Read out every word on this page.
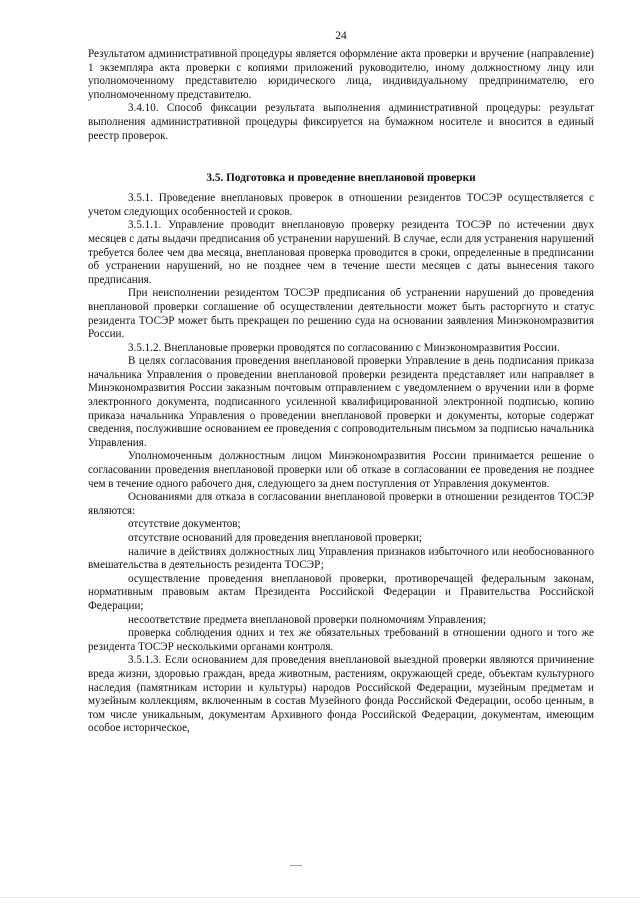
24

Результатом административной процедуры является оформление акта проверки и вручение (направление) 1 экземпляра акта проверки с копиями приложений руководителю, иному должностному лицу или уполномоченному представителю юридического лица, индивидуальному предпринимателю, его уполномоченному представителю.

3.4.10. Способ фиксации результата выполнения административной процедуры: результат выполнения административной процедуры фиксируется на бумажном носителе и вносится в единый реестр проверок.

3.5. Подготовка и проведение внеплановой проверки

3.5.1. Проведение внеплановых проверок в отношении резидентов ТОСЭР осуществляется с учетом следующих особенностей и сроков.

3.5.1.1. Управление проводит внеплановую проверку резидента ТОСЭР по истечении двух месяцев с даты выдачи предписания об устранении нарушений. В случае, если для устранения нарушений требуется более чем два месяца, внеплановая проверка проводится в сроки, определенные в предписании об устранении нарушений, но не позднее чем в течение шести месяцев с даты вынесения такого предписания.

При неисполнении резидентом ТОСЭР предписания об устранении нарушений до проведения внеплановой проверки соглашение об осуществлении деятельности может быть расторгнуто и статус резидента ТОСЭР может быть прекращен по решению суда на основании заявления Минэкономразвития России.

3.5.1.2. Внеплановые проверки проводятся по согласованию с Минэкономразвития России.

В целях согласования проведения внеплановой проверки Управление в день подписания приказа начальника Управления о проведении внеплановой проверки резидента представляет или направляет в Минэкономразвития России заказным почтовым отправлением с уведомлением о вручении или в форме электронного документа, подписанного усиленной квалифицированной электронной подписью, копию приказа начальника Управления о проведении внеплановой проверки и документы, которые содержат сведения, послужившие основанием ее проведения с сопроводительным письмом за подписью начальника Управления.

Уполномоченным должностным лицом Минэкономразвития России принимается решение о согласовании проведения внеплановой проверки или об отказе в согласовании ее проведения не позднее чем в течение одного рабочего дня, следующего за днем поступления от Управления документов.

Основаниями для отказа в согласовании внеплановой проверки в отношении резидентов ТОСЭР являются:

отсутствие документов;

отсутствие оснований для проведения внеплановой проверки;

наличие в действиях должностных лиц Управления признаков избыточного или необоснованного вмешательства в деятельность резидента ТОСЭР;

осуществление проведения внеплановой проверки, противоречащей федеральным законам, нормативным правовым актам Президента Российской Федерации и Правительства Российской Федерации;

несоответствие предмета внеплановой проверки полномочиям Управления;

проверка соблюдения одних и тех же обязательных требований в отношении одного и того же резидента ТОСЭР несколькими органами контроля.

3.5.1.3. Если основанием для проведения внеплановой выездной проверки являются причинение вреда жизни, здоровью граждан, вреда животным, растениям, окружающей среде, объектам культурного наследия (памятникам истории и культуры) народов Российской Федерации, музейным предметам и музейным коллекциям, включенным в состав Музейного фонда Российской Федерации, особо ценным, в том числе уникальным, документам Архивного фонда Российской Федерации, документам, имеющим особое историческое,
